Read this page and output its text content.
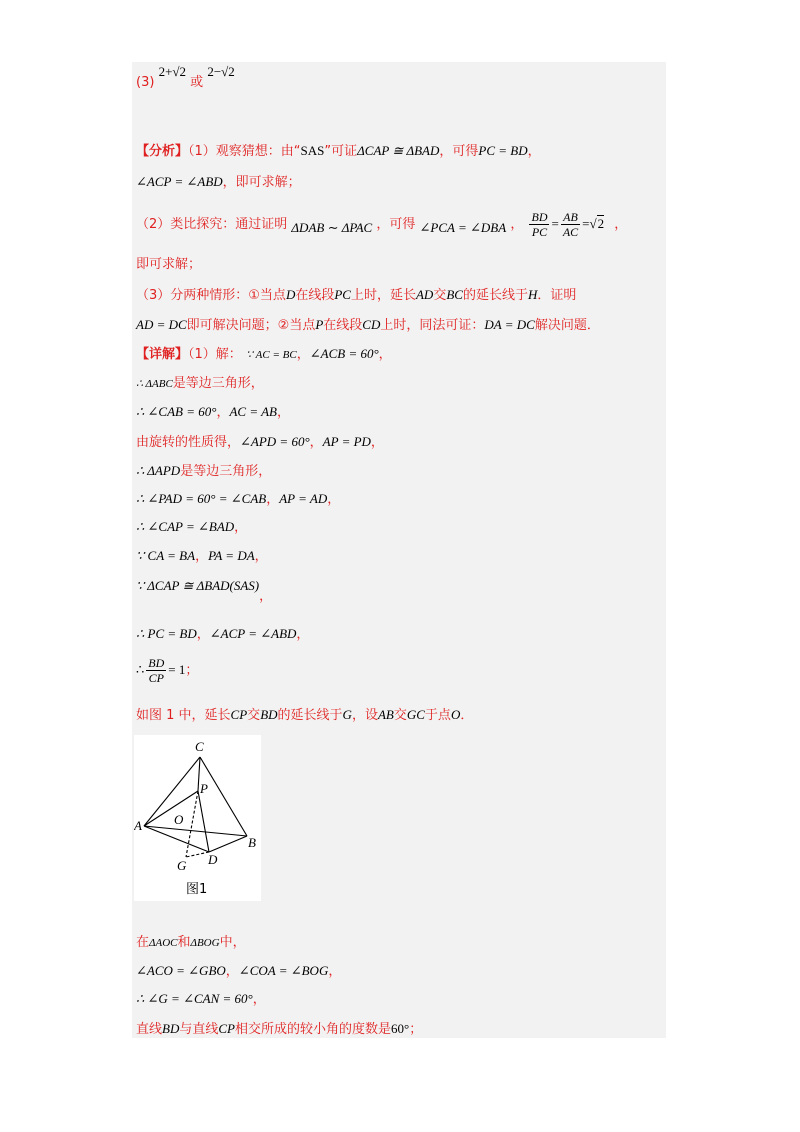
(3) 2+√2 或 2−√2
【分析】（1）观察猜想：由“SAS”可证ΔCAP ≅ ΔBAD，可得PC = BD，
∠ACP = ∠ABD，即可求解；
（2）类比探究：通过证明 ΔDAB ∼ ΔPAC ，可得 ∠PCA = ∠DBA ， $\frac{BD}{PC} = \frac{AB}{AC} =√2$ ，
即可求解；
（3）分两种情形：①当点D在线段PC上时，延长AD交BC的延长线于H．证明
AD = DC即可解决问题；②当点P在线段CD上时，同法可证：DA = DC解决问题．
【详解】（1）解： ∵ AC = BC，∠ACB = 60°，
∴ ΔABC是等边三角形，
∴ ∠CAB = 60°，AC = AB，
由旋转的性质得，∠APD = 60°，AP = PD，
∴ ΔAPD是等边三角形，
∴ ∠PAD = 60° = ∠CAB，AP = AD，
∴ ∠CAP = ∠BAD，
∵ CA = BA，PA = DA，
∵ ΔCAP ≅ ΔBAD(SAS)，
∴ PC = BD，∠ACP = ∠ABD，
∴ $\frac{BD}{CP} = 1$；
如图 1 中，延长CP交BD的延长线于G，设AB交GC于点O．
C
P
A O
B
G D
图1
在ΔAOC和ΔBOG中，
∠ACO = ∠GBO，∠COA = ∠BOG，
∴ ∠G = ∠CAN = 60°，
直线BD与直线CP相交所成的较小角的度数是60°；
